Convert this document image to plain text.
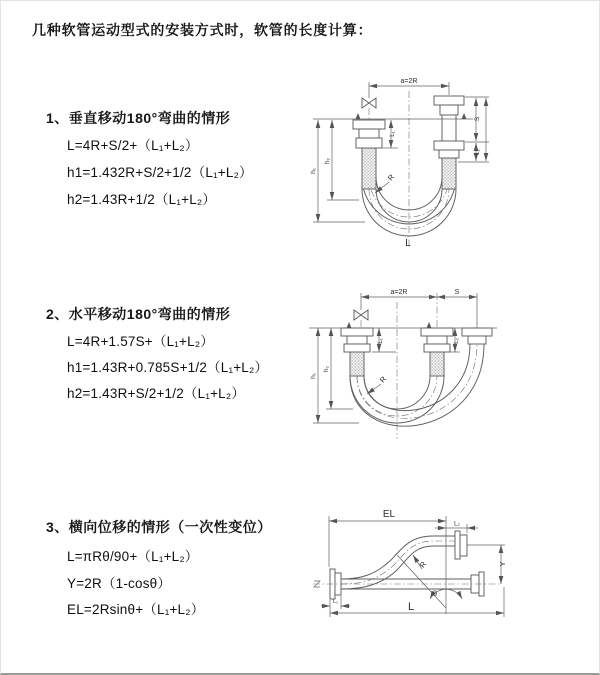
几种软管运动型式的安装方式时，软管的长度计算：
1、垂直移动180°弯曲的情形
L=4R+S/2+（L₁+L₂）
h1=1.432R+S/2+1/2（L₁+L₂）
h2=1.43R+1/2（L₁+L₂）
2、水平移动180°弯曲的情形
L=4R+1.57S+（L₁+L₂）
h1=1.43R+0.785S+1/2（L₁+L₂）
h2=1.43R+S/2+1/2（L₁+L₂）
3、横向位移的情形（一次性变位）
L=πRθ/90+（L₁+L₂）
Y=2R（1-cosθ）
EL=2Rsinθ+（L₁+L₂）
a=2R
L₁
S
L₂
h₁
h₂
R
L
a=2R	S
L₁	L₂
h₁
h₂
R
EL
L₂
Y
θ
R
L₁	L
